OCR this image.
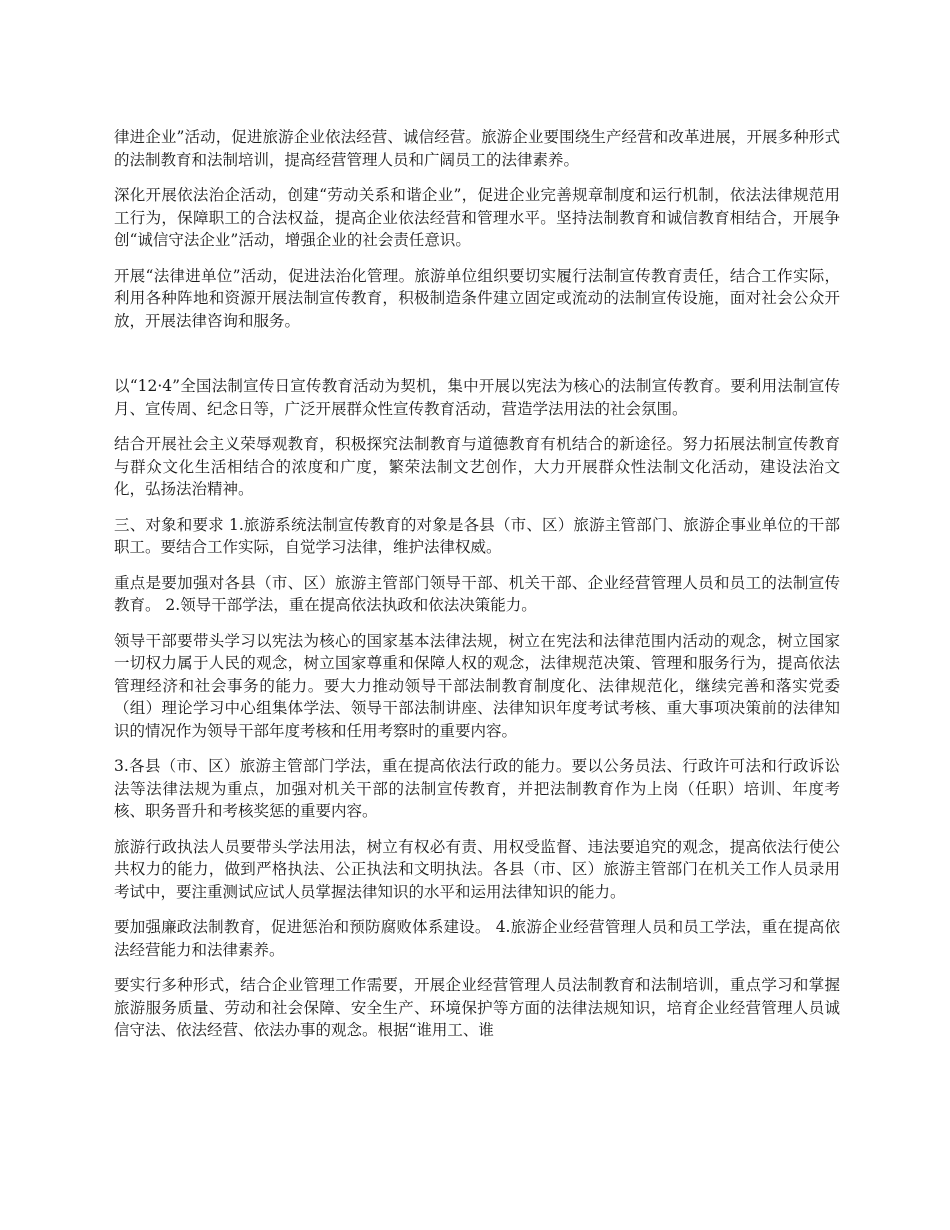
律进企业”活动，促进旅游企业依法经营、诚信经营。旅游企业要围绕生产经营和改革进展，开展多种形式的法制教育和法制培训，提高经营管理人员和广阔员工的法律素养。

深化开展依法治企活动，创建“劳动关系和谐企业”，促进企业完善规章制度和运行机制，依法法律规范用工行为，保障职工的合法权益，提高企业依法经营和管理水平。坚持法制教育和诚信教育相结合，开展争创“诚信守法企业”活动，增强企业的社会责任意识。

开展“法律进单位”活动，促进法治化管理。旅游单位组织要切实履行法制宣传教育责任，结合工作实际，利用各种阵地和资源开展法制宣传教育，积极制造条件建立固定或流动的法制宣传设施，面对社会公众开放，开展法律咨询和服务。

以“12·4”全国法制宣传日宣传教育活动为契机，集中开展以宪法为核心的法制宣传教育。要利用法制宣传月、宣传周、纪念日等，广泛开展群众性宣传教育活动，营造学法用法的社会氛围。

结合开展社会主义荣辱观教育，积极探究法制教育与道德教育有机结合的新途径。努力拓展法制宣传教育与群众文化生活相结合的浓度和广度，繁荣法制文艺创作，大力开展群众性法制文化活动，建设法治文化，弘扬法治精神。

三、对象和要求 1.旅游系统法制宣传教育的对象是各县（市、区）旅游主管部门、旅游企事业单位的干部职工。要结合工作实际，自觉学习法律，维护法律权威。

重点是要加强对各县（市、区）旅游主管部门领导干部、机关干部、企业经营管理人员和员工的法制宣传教育。 2.领导干部学法，重在提高依法执政和依法决策能力。

领导干部要带头学习以宪法为核心的国家基本法律法规，树立在宪法和法律范围内活动的观念，树立国家一切权力属于人民的观念，树立国家尊重和保障人权的观念，法律规范决策、管理和服务行为，提高依法管理经济和社会事务的能力。要大力推动领导干部法制教育制度化、法律规范化，继续完善和落实党委（组）理论学习中心组集体学法、领导干部法制讲座、法律知识年度考试考核、重大事项决策前的法律知识的情况作为领导干部年度考核和任用考察时的重要内容。

3.各县（市、区）旅游主管部门学法，重在提高依法行政的能力。要以公务员法、行政许可法和行政诉讼法等法律法规为重点，加强对机关干部的法制宣传教育，并把法制教育作为上岗（任职）培训、年度考核、职务晋升和考核奖惩的重要内容。

旅游行政执法人员要带头学法用法，树立有权必有责、用权受监督、违法要追究的观念，提高依法行使公共权力的能力，做到严格执法、公正执法和文明执法。各县（市、区）旅游主管部门在机关工作人员录用考试中，要注重测试应试人员掌握法律知识的水平和运用法律知识的能力。

要加强廉政法制教育，促进惩治和预防腐败体系建设。 4.旅游企业经营管理人员和员工学法，重在提高依法经营能力和法律素养。

要实行多种形式，结合企业管理工作需要，开展企业经营管理人员法制教育和法制培训，重点学习和掌握旅游服务质量、劳动和社会保障、安全生产、环境保护等方面的法律法规知识，培育企业经营管理人员诚信守法、依法经营、依法办事的观念。根据“谁用工、谁
